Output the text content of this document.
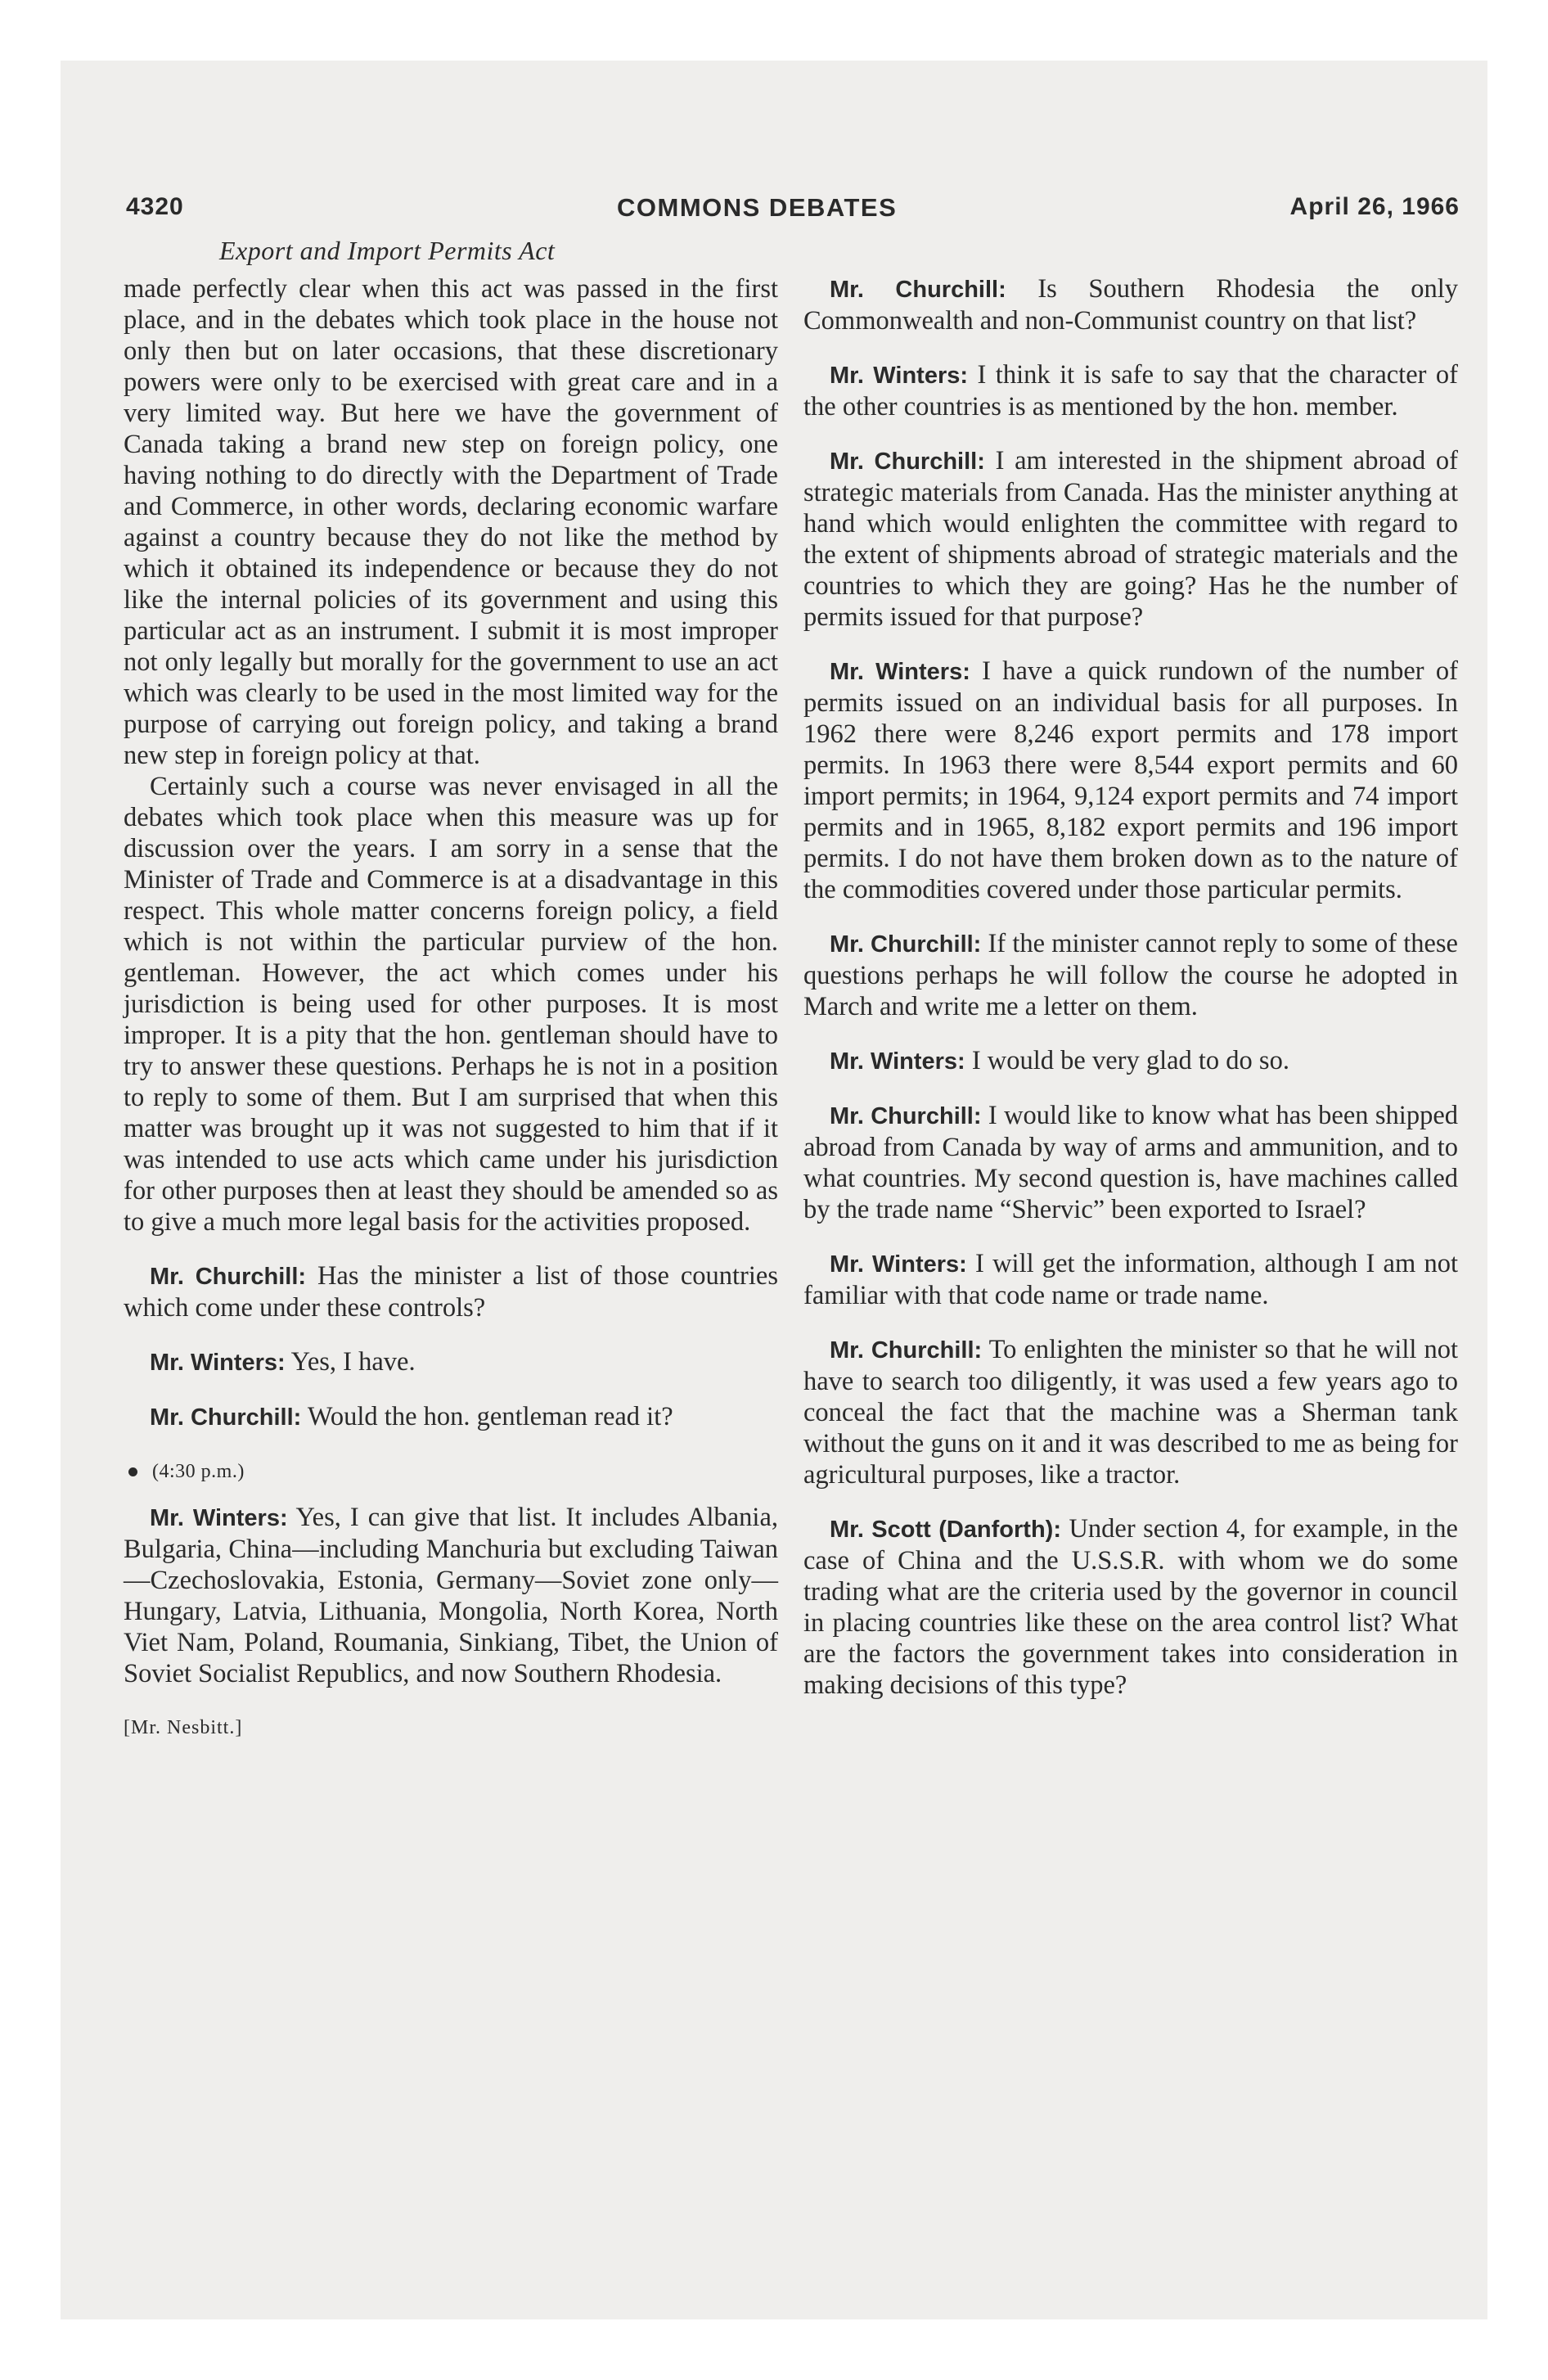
4320	COMMONS DEBATES	April 26, 1966
Export and Import Permits Act

made perfectly clear when this act was passed in the first place, and in the debates which took place in the house not only then but on later occasions, that these discretionary powers were only to be exercised with great care and in a very limited way. But here we have the government of Canada taking a brand new step on foreign policy, one having nothing to do directly with the Department of Trade and Commerce, in other words, declaring economic warfare against a country because they do not like the method by which it obtained its independence or because they do not like the internal policies of its government and using this particular act as an instrument. I submit it is most improper not only legally but morally for the government to use an act which was clearly to be used in the most limited way for the purpose of carrying out foreign policy, and taking a brand new step in foreign policy at that.

Certainly such a course was never envisaged in all the debates which took place when this measure was up for discussion over the years. I am sorry in a sense that the Minister of Trade and Commerce is at a disadvantage in this respect. This whole matter concerns foreign policy, a field which is not within the particular purview of the hon. gentleman. However, the act which comes under his jurisdiction is being used for other purposes. It is most improper. It is a pity that the hon. gentleman should have to try to answer these questions. Perhaps he is not in a position to reply to some of them. But I am surprised that when this matter was brought up it was not suggested to him that if it was intended to use acts which came under his jurisdiction for other purposes then at least they should be amended so as to give a much more legal basis for the activities proposed.

Mr. Churchill: Has the minister a list of those countries which come under these controls?

Mr. Winters: Yes, I have.

Mr. Churchill: Would the hon. gentleman read it?

(4:30 p.m.)

Mr. Winters: Yes, I can give that list. It includes Albania, Bulgaria, China—including Manchuria but excluding Taiwan—Czechoslovakia, Estonia, Germany—Soviet zone only—Hungary, Latvia, Lithuania, Mongolia, North Korea, North Viet Nam, Poland, Roumania, Sinkiang, Tibet, the Union of Soviet Socialist Republics, and now Southern Rhodesia.

[Mr. Nesbitt.]

Mr. Churchill: Is Southern Rhodesia the only Commonwealth and non-Communist country on that list?

Mr. Winters: I think it is safe to say that the character of the other countries is as mentioned by the hon. member.

Mr. Churchill: I am interested in the shipment abroad of strategic materials from Canada. Has the minister anything at hand which would enlighten the committee with regard to the extent of shipments abroad of strategic materials and the countries to which they are going? Has he the number of permits issued for that purpose?

Mr. Winters: I have a quick rundown of the number of permits issued on an individual basis for all purposes. In 1962 there were 8,246 export permits and 178 import permits. In 1963 there were 8,544 export permits and 60 import permits; in 1964, 9,124 export permits and 74 import permits and in 1965, 8,182 export permits and 196 import permits. I do not have them broken down as to the nature of the commodities covered under those particular permits.

Mr. Churchill: If the minister cannot reply to some of these questions perhaps he will follow the course he adopted in March and write me a letter on them.

Mr. Winters: I would be very glad to do so.

Mr. Churchill: I would like to know what has been shipped abroad from Canada by way of arms and ammunition, and to what countries. My second question is, have machines called by the trade name “Shervic” been exported to Israel?

Mr. Winters: I will get the information, although I am not familiar with that code name or trade name.

Mr. Churchill: To enlighten the minister so that he will not have to search too diligently, it was used a few years ago to conceal the fact that the machine was a Sherman tank without the guns on it and it was described to me as being for agricultural purposes, like a tractor.

Mr. Scott (Danforth): Under section 4, for example, in the case of China and the U.S.S.R. with whom we do some trading what are the criteria used by the governor in council in placing countries like these on the area control list? What are the factors the government takes into consideration in making decisions of this type?
